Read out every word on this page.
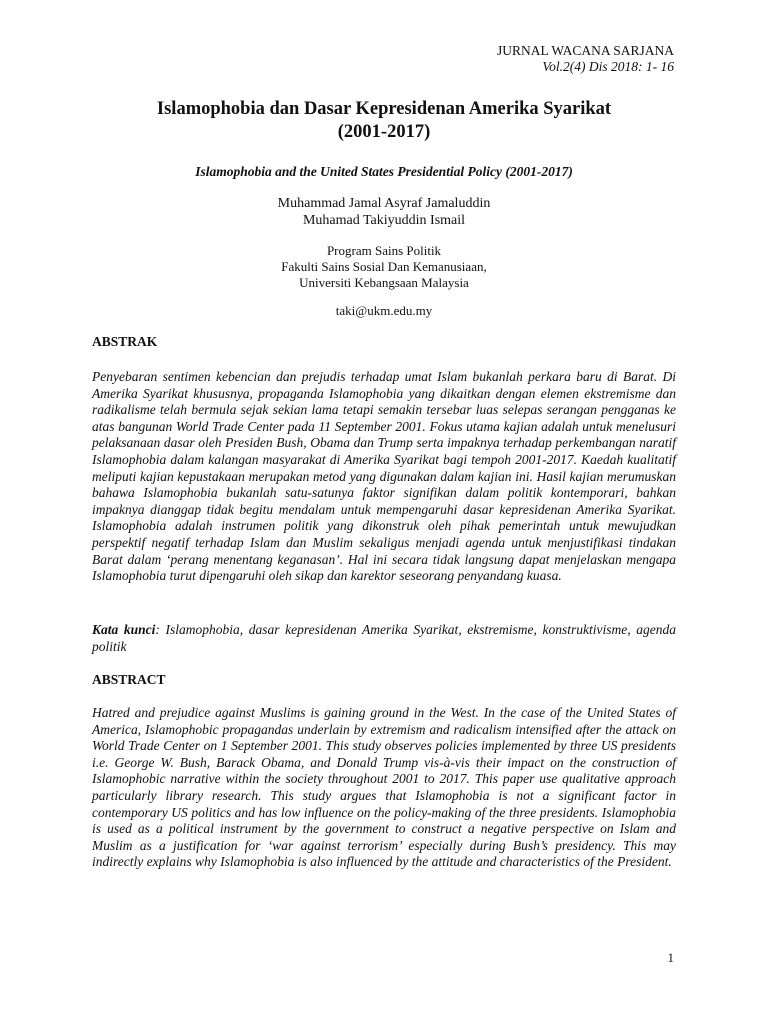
JURNAL WACANA SARJANA
Vol.2(4) Dis 2018: 1- 16
Islamophobia dan Dasar Kepresidenan Amerika Syarikat
(2001-2017)
Islamophobia and the United States Presidential Policy (2001-2017)
Muhammad Jamal Asyraf Jamaluddin
Muhamad Takiyuddin Ismail
Program Sains Politik
Fakulti Sains Sosial Dan Kemanusiaan,
Universiti Kebangsaan Malaysia
taki@ukm.edu.my
ABSTRAK

Penyebaran sentimen kebencian dan prejudis terhadap umat Islam bukanlah perkara baru di Barat. Di Amerika Syarikat khususnya, propaganda Islamophobia yang dikaitkan dengan elemen ekstremisme dan radikalisme telah bermula sejak sekian lama tetapi semakin tersebar luas selepas serangan pengganas ke atas bangunan World Trade Center pada 11 September 2001. Fokus utama kajian adalah untuk menelusuri pelaksanaan dasar oleh Presiden Bush, Obama dan Trump serta impaknya terhadap perkembangan naratif Islamophobia dalam kalangan masyarakat di Amerika Syarikat bagi tempoh 2001-2017. Kaedah kualitatif meliputi kajian kepustakaan merupakan metod yang digunakan dalam kajian ini. Hasil kajian merumuskan bahawa Islamophobia bukanlah satu-satunya faktor signifikan dalam politik kontemporari, bahkan impaknya dianggap tidak begitu mendalam untuk mempengaruhi dasar kepresidenan Amerika Syarikat. Islamophobia adalah instrumen politik yang dikonstruk oleh pihak pemerintah untuk mewujudkan perspektif negatif terhadap Islam dan Muslim sekaligus menjadi agenda untuk menjustifikasi tindakan Barat dalam ‘perang menentang keganasan’. Hal ini secara tidak langsung dapat menjelaskan mengapa Islamophobia turut dipengaruhi oleh sikap dan karektor seseorang penyandang kuasa.

Kata kunci: Islamophobia, dasar kepresidenan Amerika Syarikat, ekstremisme, konstruktivisme, agenda politik
ABSTRACT

Hatred and prejudice against Muslims is gaining ground in the West. In the case of the United States of America, Islamophobic propagandas underlain by extremism and radicalism intensified after the attack on World Trade Center on 1 September 2001. This study observes policies implemented by three US presidents i.e. George W. Bush, Barack Obama, and Donald Trump vis-à-vis their impact on the construction of Islamophobic narrative within the society throughout 2001 to 2017. This paper use qualitative approach particularly library research. This study argues that Islamophobia is not a significant factor in contemporary US politics and has low influence on the policy-making of the three presidents. Islamophobia is used as a political instrument by the government to construct a negative perspective on Islam and Muslim as a justification for ‘war against terrorism’ especially during Bush’s presidency. This may indirectly explains why Islamophobia is also influenced by the attitude and characteristics of the President.

1
